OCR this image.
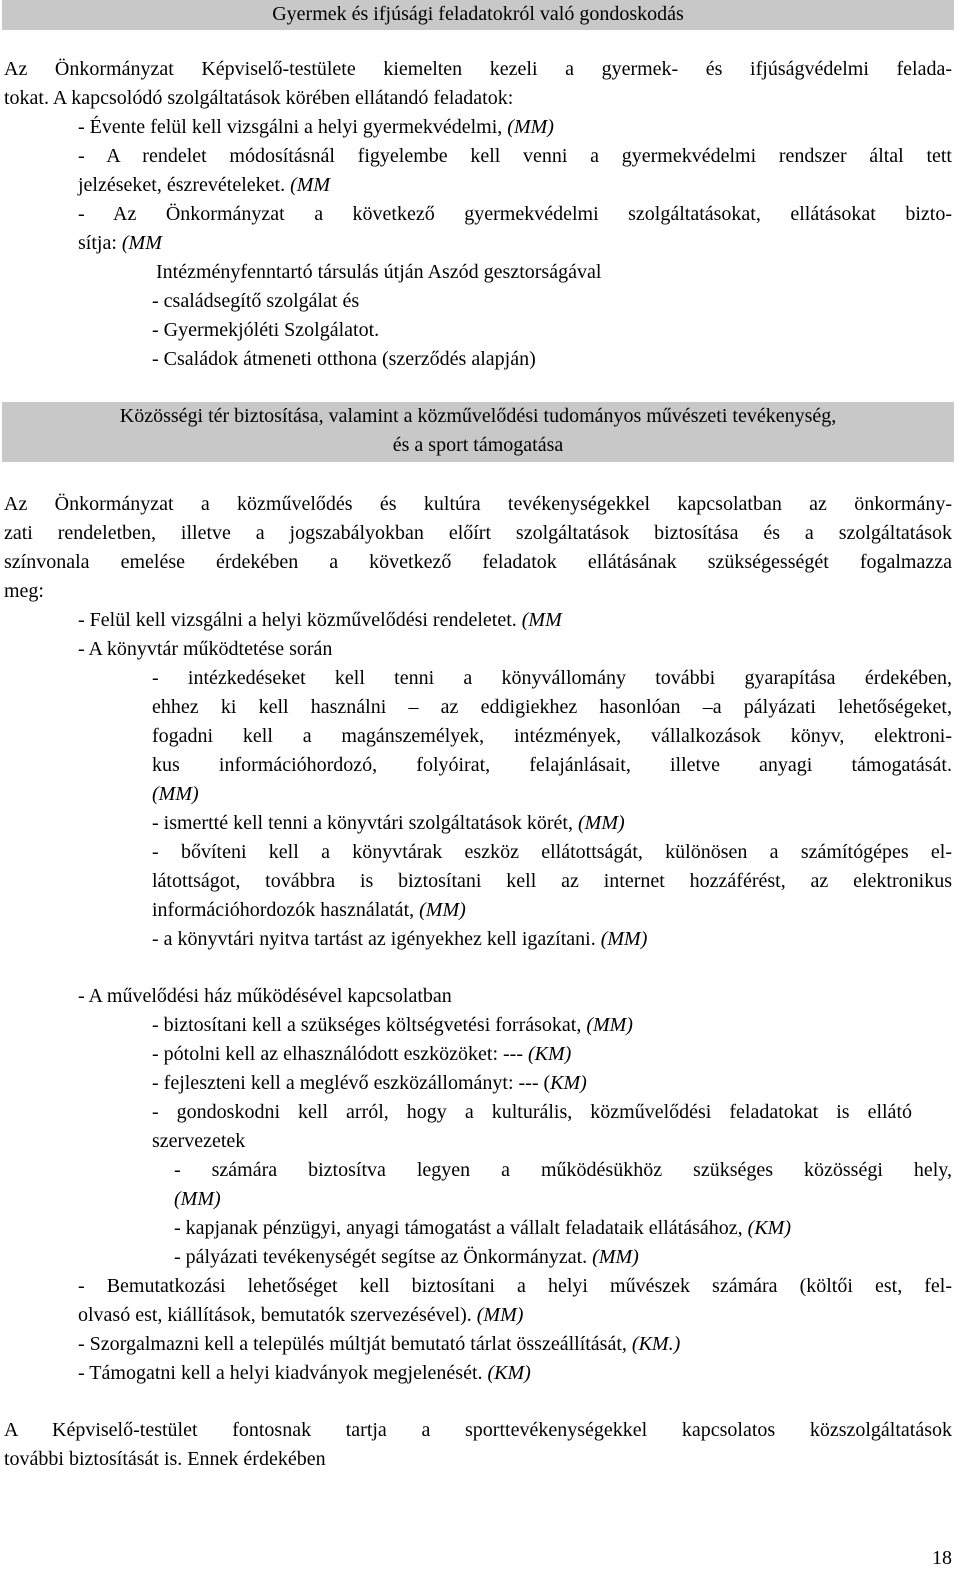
Gyermek és ifjúsági feladatokról való gondoskodás
Az Önkormányzat Képviselő-testülete kiemelten kezeli a gyermek- és ifjúságvédelmi felada-
tokat. A kapcsolódó szolgáltatások körében ellátandó feladatok:
- Évente felül kell vizsgálni a helyi gyermekvédelmi, (MM)
- A rendelet módosításnál figyelembe kell venni a gyermekvédelmi rendszer által tett
jelzéseket, észrevételeket. (MM
- Az Önkormányzat a következő gyermekvédelmi szolgáltatásokat, ellátásokat bizto-
sítja: (MM
Intézményfenntartó társulás útján Aszód gesztorságával
- családsegítő szolgálat és
- Gyermekjóléti Szolgálatot.
- Családok átmeneti otthona (szerződés alapján)
Közösségi tér biztosítása, valamint a közművelődési tudományos művészeti tevékenység,
és a sport támogatása
Az Önkormányzat a közművelődés és kultúra tevékenységekkel kapcsolatban az önkormány-
zati rendeletben, illetve a jogszabályokban előírt szolgáltatások biztosítása és a szolgáltatások
színvonala emelése érdekében a következő feladatok ellátásának szükségességét fogalmazza
meg:
- Felül kell vizsgálni a helyi közművelődési rendeletet. (MM
- A könyvtár működtetése során
- intézkedéseket kell tenni a könyvállomány további gyarapítása érdekében,
ehhez ki kell használni – az eddigiekhez hasonlóan –a pályázati lehetőségeket,
fogadni kell a magánszemélyek, intézmények, vállalkozások könyv, elektroni-
kus információhordozó, folyóirat, felajánlásait, illetve anyagi támogatását.
(MM)
- ismertté kell tenni a könyvtári szolgáltatások körét, (MM)
- bővíteni kell a könyvtárak eszköz ellátottságát, különösen a számítógépes el-
látottságot, továbbra is biztosítani kell az internet hozzáférést, az elektronikus
információhordozók használatát, (MM)
- a könyvtári nyitva tartást az igényekhez kell igazítani. (MM)
- A művelődési ház működésével kapcsolatban
- biztosítani kell a szükséges költségvetési forrásokat, (MM)
- pótolni kell az elhasználódott eszközöket: --- (KM)
- fejleszteni kell a meglévő eszközállományt: --- (KM)
- gondoskodni kell arról, hogy a kulturális, közművelődési feladatokat is ellátó
szervezetek
- számára biztosítva legyen a működésükhöz szükséges közösségi hely,
(MM)
- kapjanak pénzügyi, anyagi támogatást a vállalt feladataik ellátásához, (KM)
- pályázati tevékenységét segítse az Önkormányzat. (MM)
- Bemutatkozási lehetőséget kell biztosítani a helyi művészek számára (költői est, fel-
olvasó est, kiállítások, bemutatók szervezésével). (MM)
- Szorgalmazni kell a település múltját bemutató tárlat összeállítását, (KM.)
- Támogatni kell a helyi kiadványok megjelenését. (KM)
A Képviselő-testület fontosnak tartja a sporttevékenységekkel kapcsolatos közszolgáltatások
további biztosítását is. Ennek érdekében
18
